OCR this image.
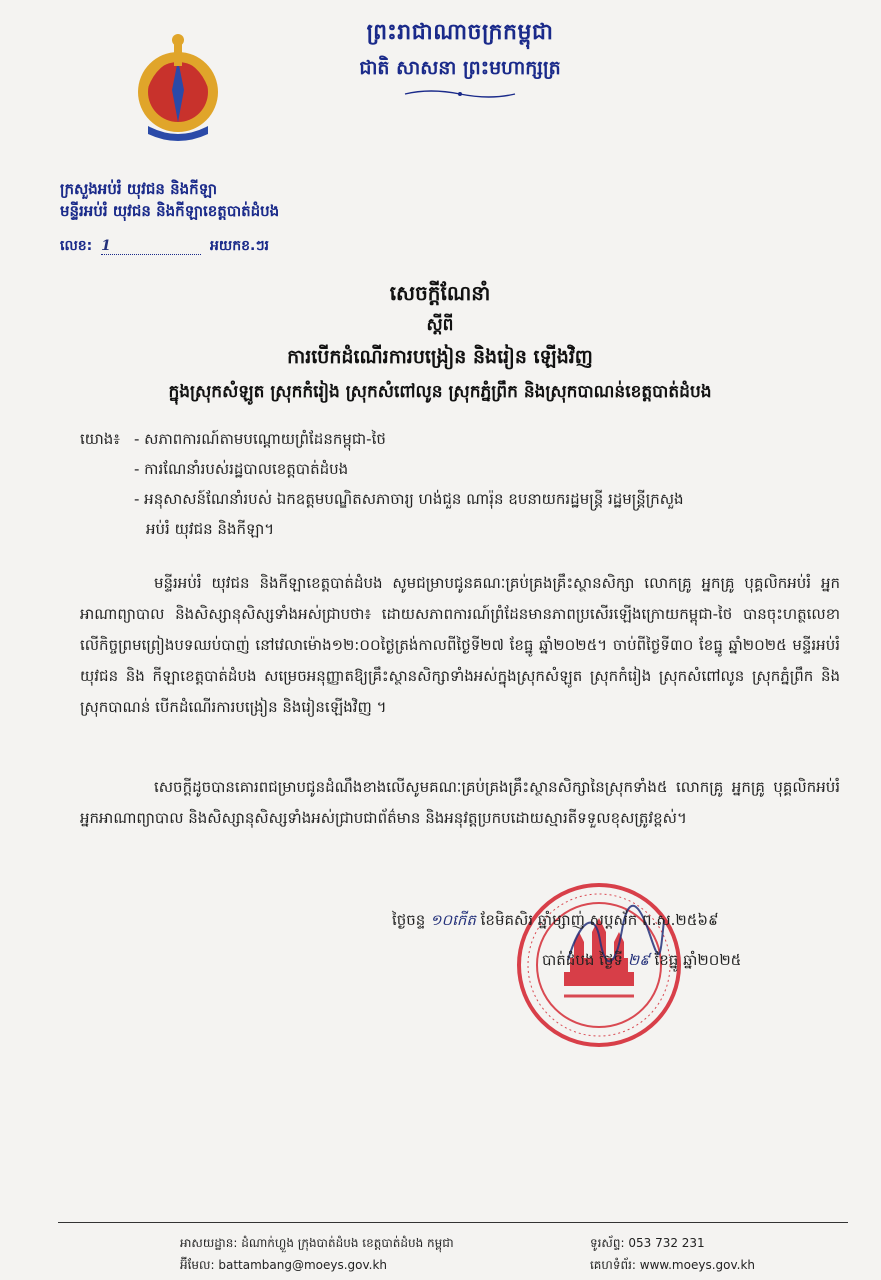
ព្រះរាជាណាចក្រកម្ពុជា
ជាតិ សាសនា ព្រះមហាក្សត្រ
ក្រសួងអប់រំ យុវជន និងកីឡា
មន្ទីរអប់រំ យុវជន និងកីឡាខេត្តបាត់ដំបង
លេខ: 1	អយកខ.ៗរ
សេចក្តីណែនាំ
ស្តីពី
ការបើកដំណើរការបង្រៀន និងរៀន ឡើងវិញ
ក្នុងស្រុកសំឡូត ស្រុកកំរៀង ស្រុកសំពៅលូន ស្រុកភ្នំព្រឹក និងស្រុកបាណន់ខេត្តបាត់ដំបង
យោង៖ - សភាពការណ៍តាមបណ្តោយព្រំដែនកម្ពុជា-ថៃ
- ការណែនាំរបស់រដ្ឋបាលខេត្តបាត់ដំបង
- អនុសាសន៍ណែនាំរបស់ ឯកឧត្តមបណ្ឌិតសភាចារ្យ ហង់ជួន ណារ៉ុន ឧបនាយករដ្ឋមន្ត្រី រដ្ឋមន្ត្រីក្រសួង
អប់រំ យុវជន និងកីឡា។
មន្ទីរអប់រំ យុវជន និងកីឡាខេត្តបាត់ដំបង សូមជម្រាបជូនគណៈគ្រប់គ្រងគ្រឹះស្ថានសិក្សា លោកគ្រូ អ្នកគ្រូ បុគ្គលិកអប់រំ អ្នកអាណាព្យាបាល និងសិស្សានុសិស្សទាំងអស់ជ្រាបថា៖ ដោយសភាពការណ៍ព្រំដែនមានភាពប្រសើរឡើងក្រោយកម្ពុជា-ថៃ បានចុះហត្ថលេខាលើកិច្ចព្រមព្រៀងបទឈប់បាញ់ នៅវេលាម៉ោង១២:០០ថ្ងៃត្រង់កាលពីថ្ងៃទី២៧ ខែធ្នូ ឆ្នាំ២០២៥។ ចាប់ពីថ្ងៃទី៣០ ខែធ្នូ ឆ្នាំ២០២៥ មន្ទីរអប់រំ យុវជន និង កីឡាខេត្តបាត់ដំបង សម្រេចអនុញ្ញាតឱ្យគ្រឹះស្ថានសិក្សាទាំងអស់ក្នុងស្រុកសំឡូត ស្រុកកំរៀង ស្រុកសំពៅលូន ស្រុកភ្នំព្រឹក និងស្រុកបាណន់ បើកដំណើរការបង្រៀន និងរៀនឡើងវិញ ។
សេចក្តីដូចបានគោរពជម្រាបជូនដំណឹងខាងលើសូមគណៈគ្រប់គ្រងគ្រឹះស្ថានសិក្សានៃស្រុកទាំង៥ លោកគ្រូ អ្នកគ្រូ បុគ្គលិកអប់រំ អ្នកអាណាព្យាបាល និងសិស្សានុសិស្សទាំងអស់ជ្រាបជាព័ត៌មាន និងអនុវត្តប្រកបដោយស្មារតីទទួលខុសត្រូវខ្ពស់។
ថ្ងៃចន្ទ ១០កើត ខែមិគសិរ ឆ្នាំម្សាញ់ សប្តស័ក ព.ស.២៥៦៩
បាត់ដំបង ថ្ងៃទី ២៩ ខែធ្នូ ឆ្នាំ២០២៥
អាសយដ្ឋាន: ដំណាក់ហ្លួង ក្រុងបាត់ដំបង ខេត្តបាត់ដំបង កម្ពុជា
អ៊ីមែល: battambang@moeys.gov.kh
ទូរស័ព្ទ: 053 732 231
គេហទំព័រ: www.moeys.gov.kh
